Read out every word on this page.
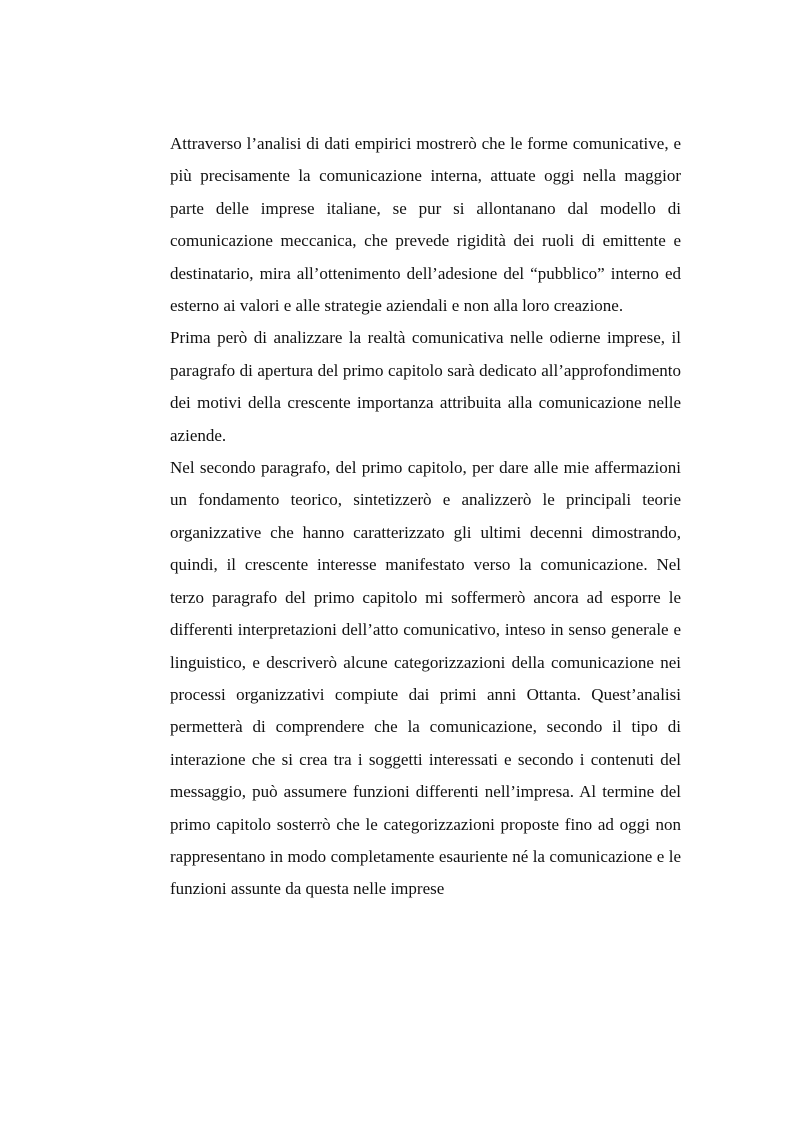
Attraverso l’analisi di dati empirici mostrerò che le forme comunicative, e più precisamente la comunicazione interna, attuate oggi nella maggior parte delle imprese italiane, se pur si allontanano dal modello di comunicazione meccanica, che prevede rigidità dei ruoli di emittente e destinatario, mira all’ottenimento dell’adesione del “pubblico” interno ed esterno ai valori e alle strategie aziendali e non alla loro creazione.

Prima però di analizzare la realtà comunicativa nelle odierne imprese, il paragrafo di apertura del primo capitolo sarà dedicato all’approfondimento dei motivi della crescente importanza attribuita alla comunicazione nelle aziende.

Nel secondo paragrafo, del primo capitolo, per dare alle mie affermazioni un fondamento teorico, sintetizzerò e analizzerò le principali teorie organizzative che hanno caratterizzato gli ultimi decenni dimostrando, quindi, il crescente interesse manifestato verso la comunicazione. Nel terzo paragrafo del primo capitolo mi soffermerò ancora ad esporre le differenti interpretazioni dell’atto comunicativo, inteso in senso generale e linguistico, e descriverò alcune categorizzazioni della comunicazione nei processi organizzativi compiute dai primi anni Ottanta. Quest’analisi permetterà di comprendere che la comunicazione, secondo il tipo di interazione che si crea tra i soggetti interessati e secondo i contenuti del messaggio, può assumere funzioni differenti nell’impresa. Al termine del primo capitolo sosterrò che le categorizzazioni proposte fino ad oggi non rappresentano in modo completamente esauriente né la comunicazione e le funzioni assunte da questa nelle imprese
